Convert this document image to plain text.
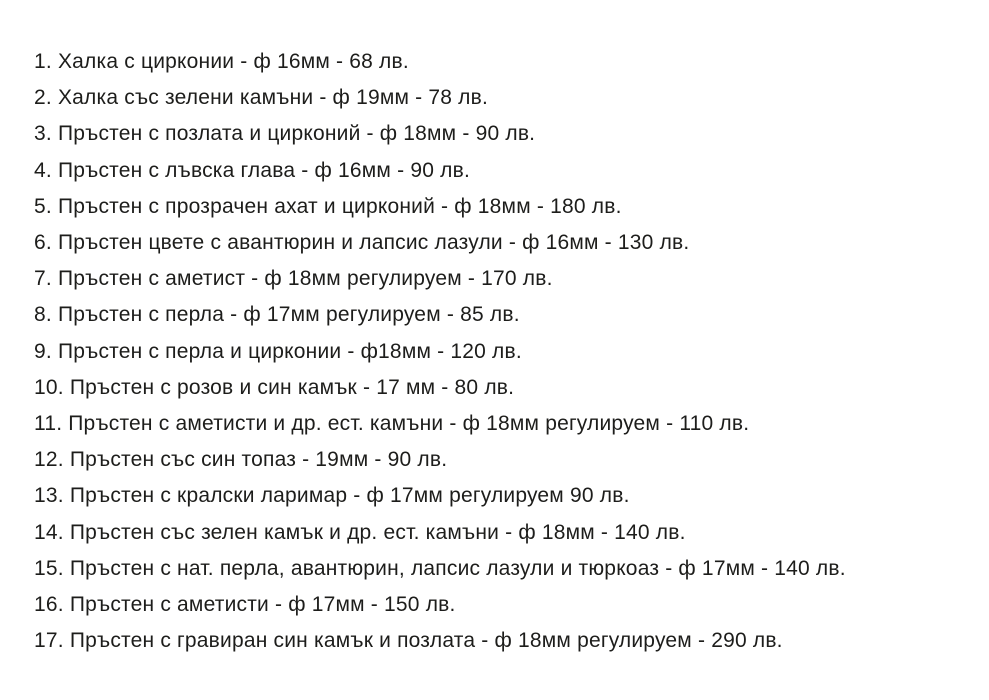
1. Халка с цирконии - ф 16мм - 68 лв.
2. Халка със зелени камъни - ф 19мм - 78 лв.
3. Пръстен с позлата и цирконий - ф 18мм - 90 лв.
4. Пръстен с лъвска глава - ф 16мм - 90 лв.
5. Пръстен с прозрачен ахат и цирконий - ф 18мм - 180 лв.
6. Пръстен цвете с авантюрин и лапсис лазули - ф 16мм - 130 лв.
7. Пръстен с аметист - ф 18мм регулируем - 170 лв.
8. Пръстен с перла - ф 17мм регулируем - 85 лв.
9. Пръстен с перла и цирконии - ф18мм - 120 лв.
10. Пръстен с розов и син камък - 17 мм - 80 лв.
11. Пръстен с аметисти и др. ест. камъни - ф 18мм регулируем - 110 лв.
12. Пръстен със син топаз - 19мм - 90 лв.
13. Пръстен с кралски ларимар - ф 17мм регулируем 90 лв.
14. Пръстен със зелен камък и др. ест. камъни - ф 18мм - 140 лв.
15. Пръстен с нат. перла, авантюрин, лапсис лазули и тюркоаз - ф 17мм - 140 лв.
16. Пръстен с аметисти - ф 17мм - 150 лв.
17. Пръстен с гравиран син камък и позлата - ф 18мм регулируем - 290 лв.
